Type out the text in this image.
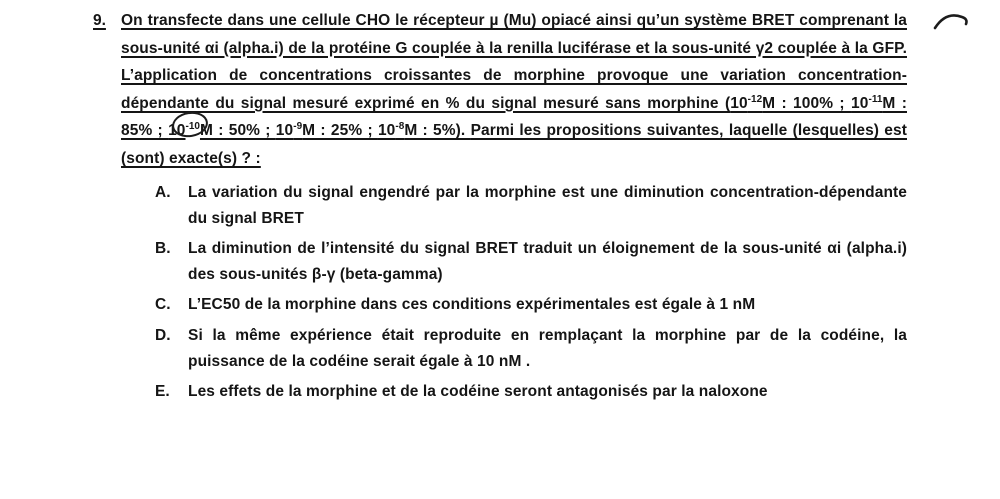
9. On transfecte dans une cellule CHO le récepteur µ (Mu) opiacé ainsi qu’un système BRET comprenant la sous-unité αi (alpha.i) de la protéine G couplée à la renilla luciférase et la sous-unité γ2 couplée à la GFP. L’application de concentrations croissantes de morphine provoque une variation concentration-dépendante du signal mesuré exprimé en % du signal mesuré sans morphine ($10^{-12}M$ : 100% ; $10^{-11}M$ : 85% ; $10^{-10}M$ : 50% ; $10^{-9}M$ : 25% ; $10^{-8}M$ : 5%). Parmi les propositions suivantes, laquelle (lesquelles) est (sont) exacte(s) ? :

A. La variation du signal engendré par la morphine est une diminution concentration-dépendante du signal BRET
B. La diminution de l’intensité du signal BRET traduit un éloignement de la sous-unité αi (alpha.i) des sous-unités β-γ (beta-gamma)
C. L’EC50 de la morphine dans ces conditions expérimentales est égale à 1 nM
D. Si la même expérience était reproduite en remplaçant la morphine par de la codéine, la puissance de la codéine serait égale à 10 nM .
E.	Les effets de la morphine et de la codéine seront antagonisés par la naloxone
